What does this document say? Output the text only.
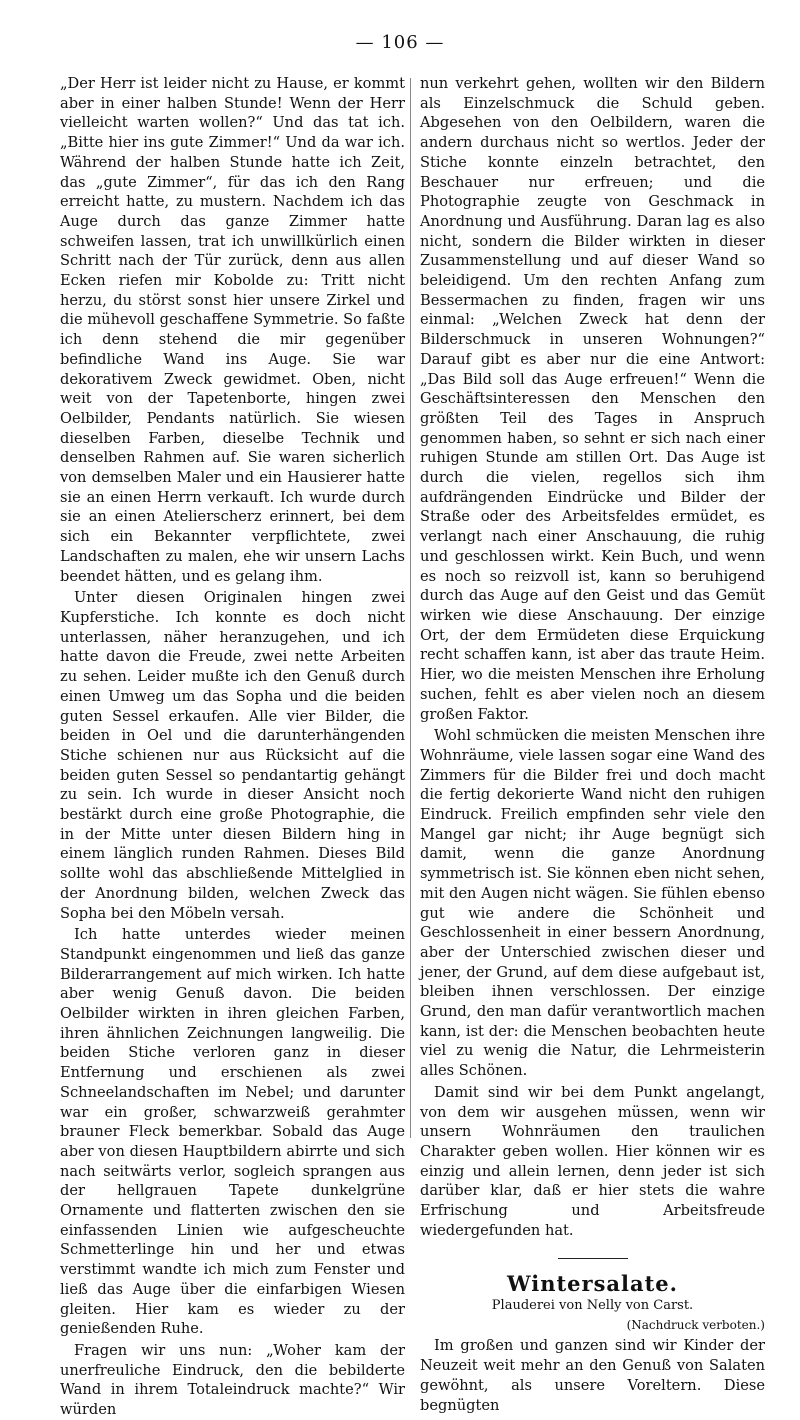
— 106 —

„Der Herr ist leider nicht zu Hause, er kommt aber in einer halben Stunde! Wenn der Herr vielleicht warten wollen?“ Und das tat ich. „Bitte hier ins gute Zimmer!“ Und da war ich. Während der halben Stunde hatte ich Zeit, das „gute Zimmer“, für das ich den Rang erreicht hatte, zu mustern. Nachdem ich das Auge durch das ganze Zimmer hatte schweifen lassen, trat ich unwillkürlich einen Schritt nach der Tür zurück, denn aus allen Ecken riefen mir Kobolde zu: Tritt nicht herzu, du störst sonst hier unsere Zirkel und die mühevoll geschaffene Symmetrie. So faßte ich denn stehend die mir gegenüber befindliche Wand ins Auge. Sie war dekorativem Zweck gewidmet. Oben, nicht weit von der Tapetenborte, hingen zwei Oelbilder, Pendants natürlich. Sie wiesen dieselben Farben, dieselbe Technik und denselben Rahmen auf. Sie waren sicherlich von demselben Maler und ein Hausierer hatte sie an einen Herrn verkauft. Ich wurde durch sie an einen Atelierscherz erinnert, bei dem sich ein Bekannter verpflichtete, zwei Landschaften zu malen, ehe wir unsern Lachs beendet hätten, und es gelang ihm.

Unter diesen Originalen hingen zwei Kupferstiche. Ich konnte es doch nicht unterlassen, näher heranzugehen, und ich hatte davon die Freude, zwei nette Arbeiten zu sehen. Leider mußte ich den Genuß durch einen Umweg um das Sopha und die beiden guten Sessel erkaufen. Alle vier Bilder, die beiden in Oel und die darunterhängenden Stiche schienen nur aus Rücksicht auf die beiden guten Sessel so pendantartig gehängt zu sein. Ich wurde in dieser Ansicht noch bestärkt durch eine große Photographie, die in der Mitte unter diesen Bildern hing in einem länglich runden Rahmen. Dieses Bild sollte wohl das abschließende Mittelglied in der Anordnung bilden, welchen Zweck das Sopha bei den Möbeln versah.

Ich hatte unterdes wieder meinen Standpunkt eingenommen und ließ das ganze Bilderarrangement auf mich wirken. Ich hatte aber wenig Genuß davon. Die beiden Oelbilder wirkten in ihren gleichen Farben, ihren ähnlichen Zeichnungen langweilig. Die beiden Stiche verloren ganz in dieser Entfernung und erschienen als zwei Schneelandschaften im Nebel; und darunter war ein großer, schwarzweiß gerahmter brauner Fleck bemerkbar. Sobald das Auge aber von diesen Hauptbildern abirrte und sich nach seitwärts verlor, sogleich sprangen aus der hellgrauen Tapete dunkelgrüne Ornamente und flatterten zwischen den sie einfassenden Linien wie aufgescheuchte Schmetterlinge hin und her und etwas verstimmt wandte ich mich zum Fenster und ließ das Auge über die einfarbigen Wiesen gleiten. Hier kam es wieder zu der genießenden Ruhe.

Fragen wir uns nun: „Woher kam der unerfreuliche Eindruck, den die bebilderte Wand in ihrem Totaleindruck machte?“ Wir würden

nun verkehrt gehen, wollten wir den Bildern als Einzelschmuck die Schuld geben. Abgesehen von den Oelbildern, waren die andern durchaus nicht so wertlos. Jeder der Stiche konnte einzeln betrachtet, den Beschauer nur erfreuen; und die Photographie zeugte von Geschmack in Anordnung und Ausführung. Daran lag es also nicht, sondern die Bilder wirkten in dieser Zusammenstellung und auf dieser Wand so beleidigend. Um den rechten Anfang zum Bessermachen zu finden, fragen wir uns einmal: „Welchen Zweck hat denn der Bilderschmuck in unseren Wohnungen?“ Darauf gibt es aber nur die eine Antwort: „Das Bild soll das Auge erfreuen!“ Wenn die Geschäftsinteressen den Menschen den größten Teil des Tages in Anspruch genommen haben, so sehnt er sich nach einer ruhigen Stunde am stillen Ort. Das Auge ist durch die vielen, regellos sich ihm aufdrängenden Eindrücke und Bilder der Straße oder des Arbeitsfeldes ermüdet, es verlangt nach einer Anschauung, die ruhig und geschlossen wirkt. Kein Buch, und wenn es noch so reizvoll ist, kann so beruhigend durch das Auge auf den Geist und das Gemüt wirken wie diese Anschauung. Der einzige Ort, der dem Ermüdeten diese Erquickung recht schaffen kann, ist aber das traute Heim. Hier, wo die meisten Menschen ihre Erholung suchen, fehlt es aber vielen noch an diesem großen Faktor.

Wohl schmücken die meisten Menschen ihre Wohnräume, viele lassen sogar eine Wand des Zimmers für die Bilder frei und doch macht die fertig dekorierte Wand nicht den ruhigen Eindruck. Freilich empfinden sehr viele den Mangel gar nicht; ihr Auge begnügt sich damit, wenn die ganze Anordnung symmetrisch ist. Sie können eben nicht sehen, mit den Augen nicht wägen. Sie fühlen ebenso gut wie andere die Schönheit und Geschlossenheit in einer bessern Anordnung, aber der Unterschied zwischen dieser und jener, der Grund, auf dem diese aufgebaut ist, bleiben ihnen verschlossen. Der einzige Grund, den man dafür verantwortlich machen kann, ist der: die Menschen beobachten heute viel zu wenig die Natur, die Lehrmeisterin alles Schönen.

Damit sind wir bei dem Punkt angelangt, von dem wir ausgehen müssen, wenn wir unsern Wohnräumen den traulichen Charakter geben wollen. Hier können wir es einzig und allein lernen, denn jeder ist sich darüber klar, daß er hier stets die wahre Erfrischung und Arbeitsfreude wiedergefunden hat.

Wintersalate.

Plauderei von Nelly von Carst.

(Nachdruck verboten.)

Im großen und ganzen sind wir Kinder der Neuzeit weit mehr an den Genuß von Salaten gewöhnt, als unsere Voreltern. Diese begnügten
